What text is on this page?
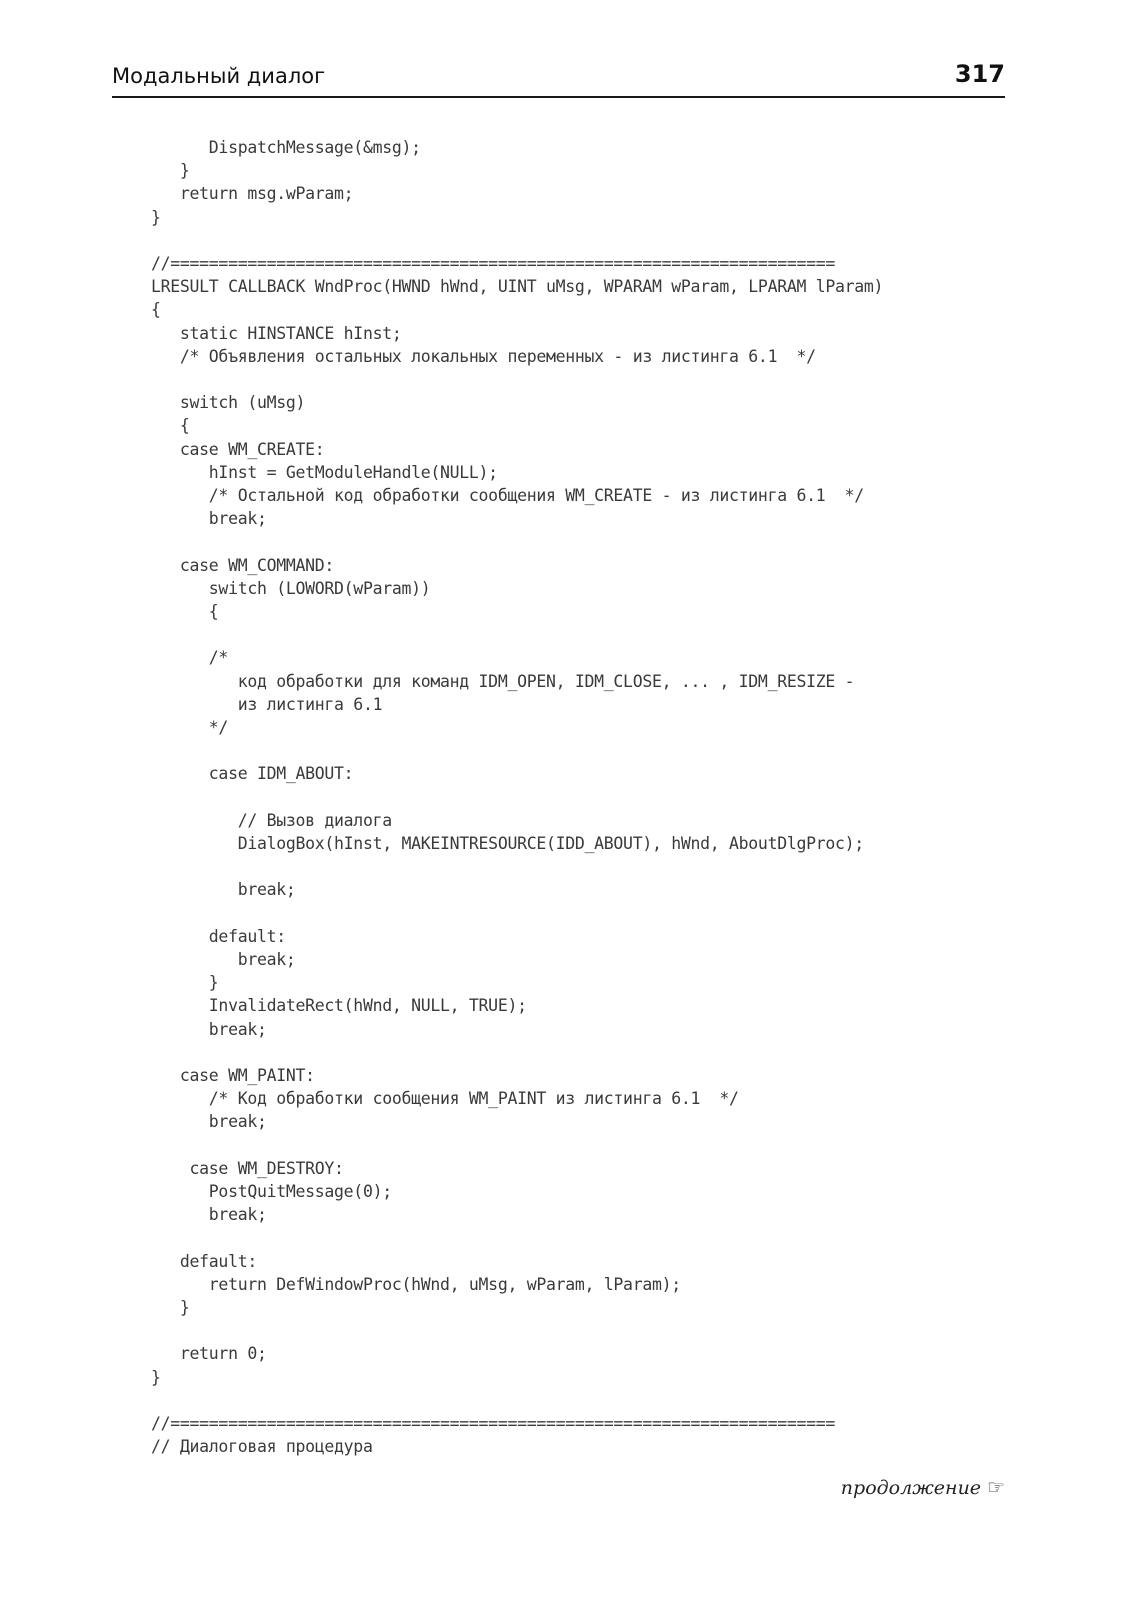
Модальный диалог	317
DispatchMessage(&msg);
}
return msg.wParam;
}
//=====================================================================
LRESULT CALLBACK WndProc(HWND hWnd, UINT uMsg, WPARAM wParam, LPARAM lParam)
{
static HINSTANCE hInst;
/* Объявления остальных локальных переменных - из листинга 6.1  */
switch (uMsg)
{
case WM_CREATE:
hInst = GetModuleHandle(NULL);
/* Остальной код обработки сообщения WM_CREATE - из листинга 6.1  */
break;
case WM_COMMAND:
switch (LOWORD(wParam))
{
/*
код обработки для команд IDM_OPEN, IDM_CLOSE, ... , IDM_RESIZE -
из листинга 6.1
*/
case IDM_ABOUT:
// Вызов диалога
DialogBox(hInst, MAKEINTRESOURCE(IDD_ABOUT), hWnd, AboutDlgProc);
break;
default:
break;
}
InvalidateRect(hWnd, NULL, TRUE);
break;
case WM_PAINT:
/* Код обработки сообщения WM_PAINT из листинга 6.1  */
break;
case WM_DESTROY:
PostQuitMessage(0);
break;
default:
return DefWindowProc(hWnd, uMsg, wParam, lParam);
}
return 0;
}
//=====================================================================
// Диалоговая процедура
продолжение ☞
